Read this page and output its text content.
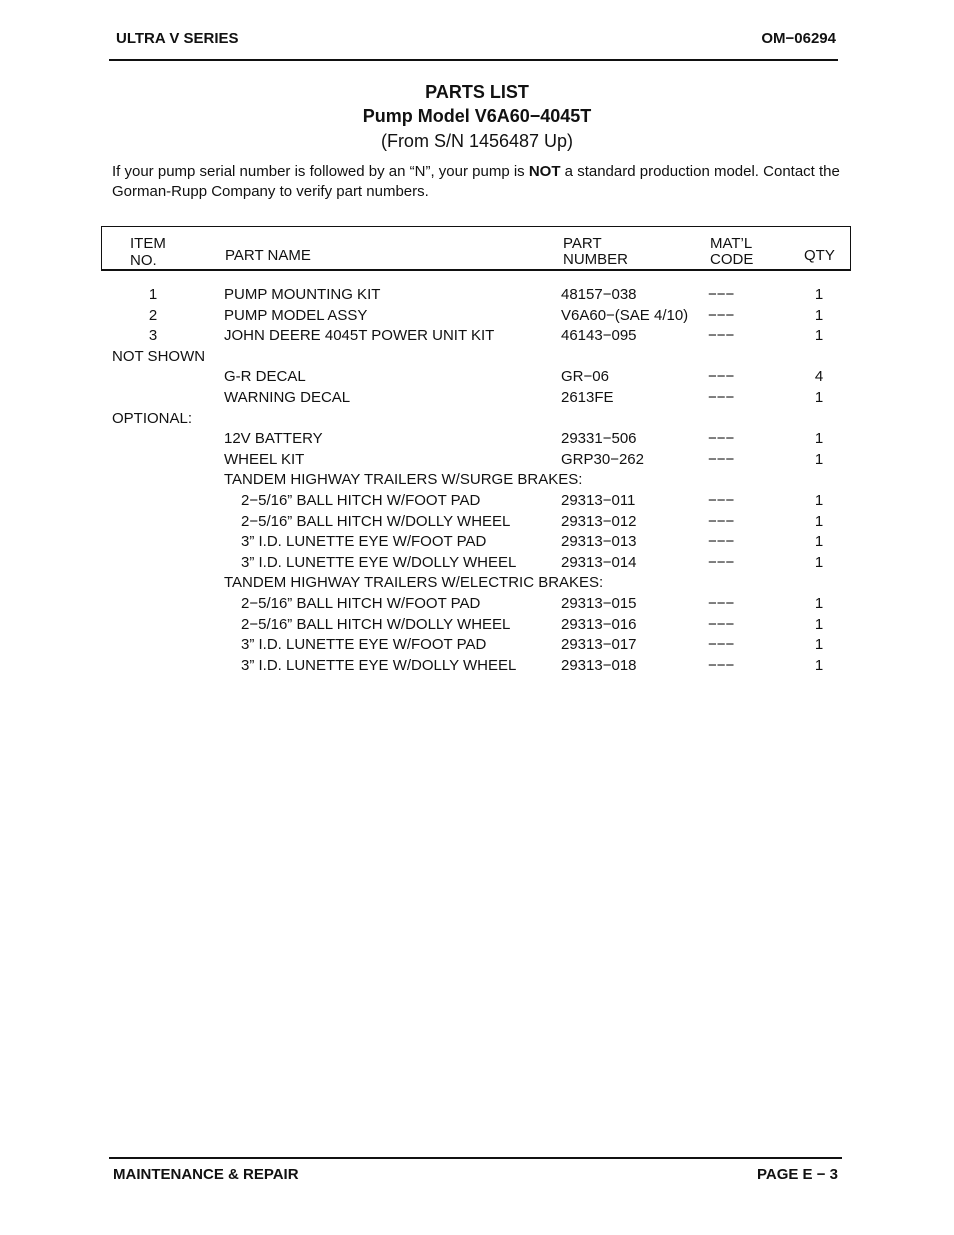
ULTRA V SERIES	OM−06294
PARTS LIST
Pump Model V6A60−4045T
(From S/N 1456487 Up)
If your pump serial number is followed by an “N”, your pump is NOT a standard production model. Contact the Gorman-Rupp Company to verify part numbers.
ITEM
NO.	PART NAME
PART
NUMBER
MAT’L
CODE	QTY
1	PUMP MOUNTING KIT	48157−038	−−−	1
2	PUMP MODEL ASSY	V6A60−(SAE 4/10) −−−	1
3	JOHN DEERE 4045T POWER UNIT KIT	46143−095	−−−	1
NOT SHOWN
G-R DECAL	GR−06	−−−	4
WARNING DECAL	2613FE	−−−	1
OPTIONAL:
12V BATTERY	29331−506	−−−	1
WHEEL KIT	GRP30−262	−−−	1
TANDEM HIGHWAY TRAILERS W/SURGE BRAKES:
2−5/16” BALL HITCH W/FOOT PAD	29313−011	−−−	1
2−5/16” BALL HITCH W/DOLLY WHEEL	29313−012	−−−	1
3” I.D. LUNETTE EYE W/FOOT PAD	29313−013	−−−	1
3” I.D. LUNETTE EYE W/DOLLY WHEEL	29313−014	−−−	1
TANDEM HIGHWAY TRAILERS W/ELECTRIC BRAKES:
2−5/16” BALL HITCH W/FOOT PAD	29313−015	−−−	1
2−5/16” BALL HITCH W/DOLLY WHEEL	29313−016	−−−	1
3” I.D. LUNETTE EYE W/FOOT PAD	29313−017	−−−	1
3” I.D. LUNETTE EYE W/DOLLY WHEEL	29313−018	−−−	1
MAINTENANCE & REPAIR	PAGE E − 3
